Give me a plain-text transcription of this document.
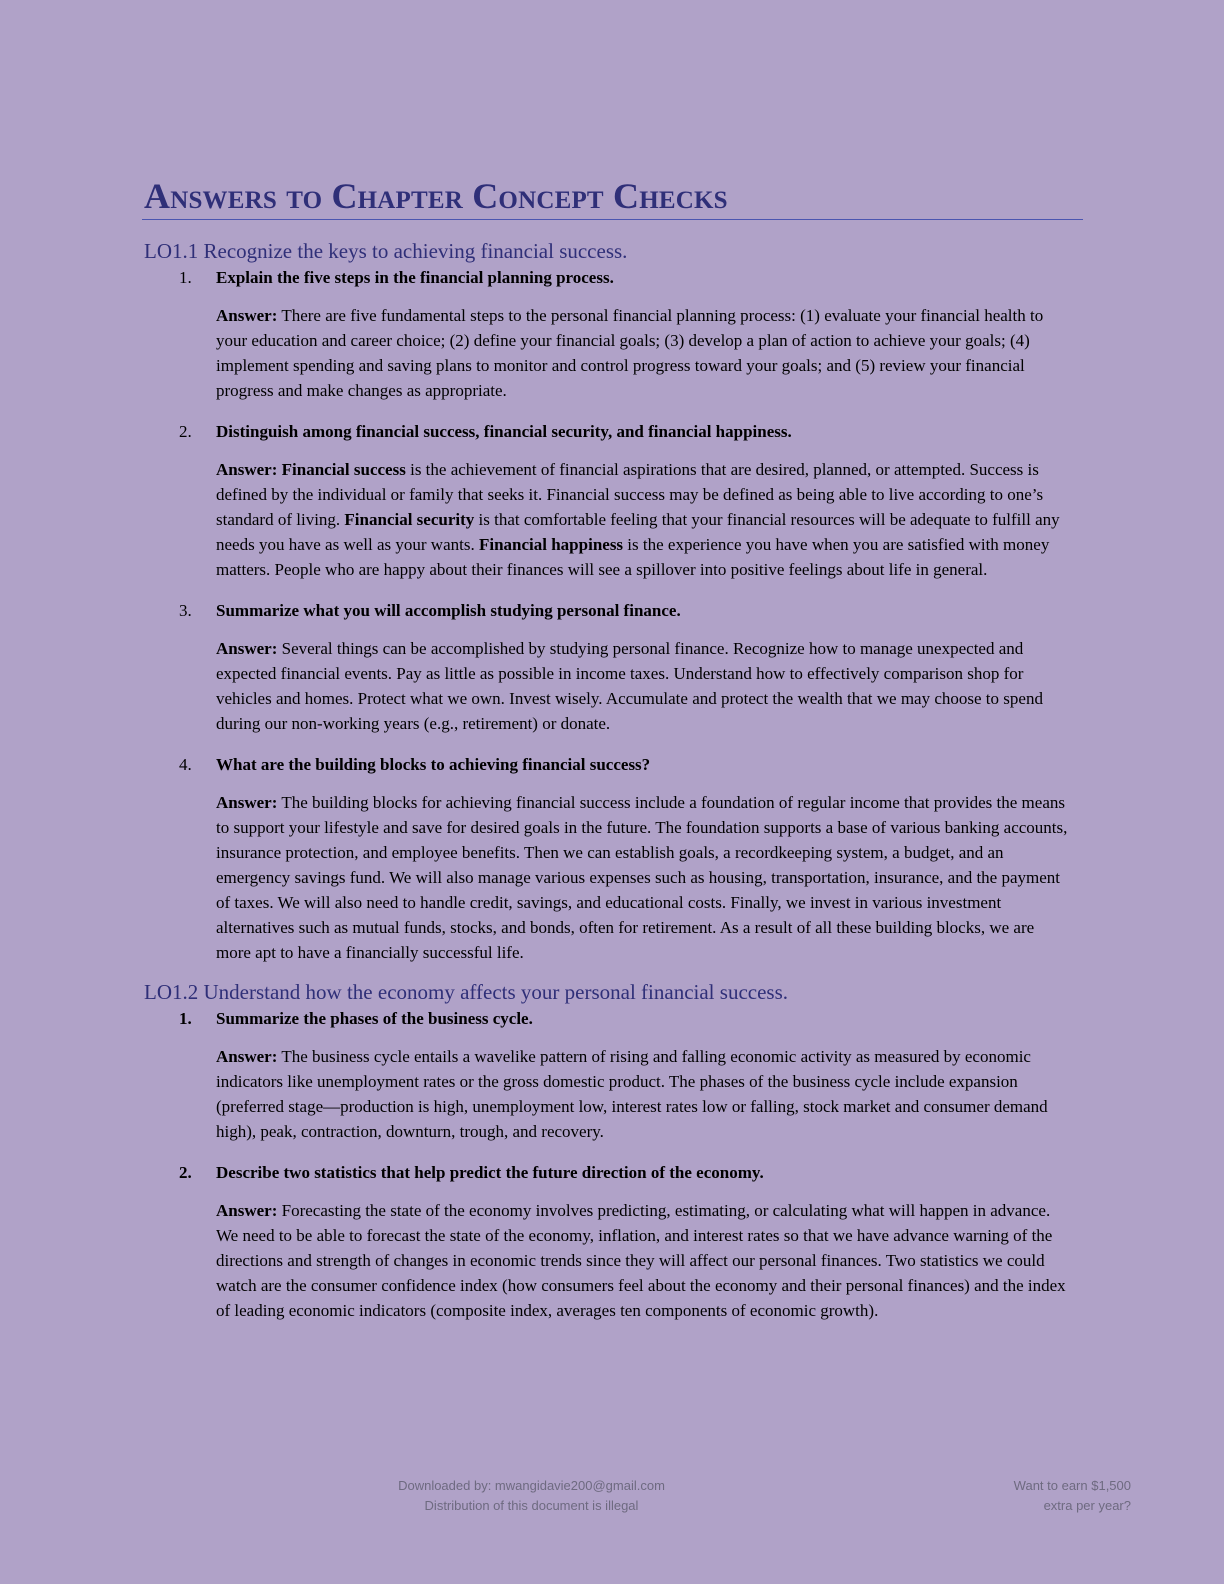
Answers to Chapter Concept Checks
LO1.1 Recognize the keys to achieving financial success.
1. Explain the five steps in the financial planning process.

Answer: There are five fundamental steps to the personal financial planning process: (1) evaluate your financial health to your education and career choice; (2) define your financial goals; (3) develop a plan of action to achieve your goals; (4) implement spending and saving plans to monitor and control progress toward your goals; and (5) review your financial progress and make changes as appropriate.

2. Distinguish among financial success, financial security, and financial happiness.

Answer: Financial success is the achievement of financial aspirations that are desired, planned, or attempted. Success is defined by the individual or family that seeks it. Financial success may be defined as being able to live according to one’s standard of living. Financial security is that comfortable feeling that your financial resources will be adequate to fulfill any needs you have as well as your wants. Financial happiness is the experience you have when you are satisfied with money matters. People who are happy about their finances will see a spillover into positive feelings about life in general.

3. Summarize what you will accomplish studying personal finance.

Answer: Several things can be accomplished by studying personal finance. Recognize how to manage unexpected and expected financial events. Pay as little as possible in income taxes. Understand how to effectively comparison shop for vehicles and homes. Protect what we own. Invest wisely. Accumulate and protect the wealth that we may choose to spend during our non-working years (e.g., retirement) or donate.

4. What are the building blocks to achieving financial success?

Answer: The building blocks for achieving financial success include a foundation of regular income that provides the means to support your lifestyle and save for desired goals in the future. The foundation supports a base of various banking accounts, insurance protection, and employee benefits. Then we can establish goals, a recordkeeping system, a budget, and an emergency savings fund. We will also manage various expenses such as housing, transportation, insurance, and the payment of taxes. We will also need to handle credit, savings, and educational costs. Finally, we invest in various investment alternatives such as mutual funds, stocks, and bonds, often for retirement. As a result of all these building blocks, we are more apt to have a financially successful life.

LO1.2 Understand how the economy affects your personal financial success.
1. Summarize the phases of the business cycle.

Answer: The business cycle entails a wavelike pattern of rising and falling economic activity as measured by economic indicators like unemployment rates or the gross domestic product. The phases of the business cycle include expansion (preferred stage—production is high, unemployment low, interest rates low or falling, stock market and consumer demand high), peak, contraction, downturn, trough, and recovery.

2. Describe two statistics that help predict the future direction of the economy.

Answer: Forecasting the state of the economy involves predicting, estimating, or calculating what will happen in advance. We need to be able to forecast the state of the economy, inflation, and interest rates so that we have advance warning of the directions and strength of changes in economic trends since they will affect our personal finances. Two statistics we could watch are the consumer confidence index (how consumers feel about the economy and their personal finances) and the index of leading economic indicators (composite index, averages ten components of economic growth).

Downloaded by: mwangidavie200@gmail.com
Distribution of this document is illegal
Want to earn $1,500
extra per year?
